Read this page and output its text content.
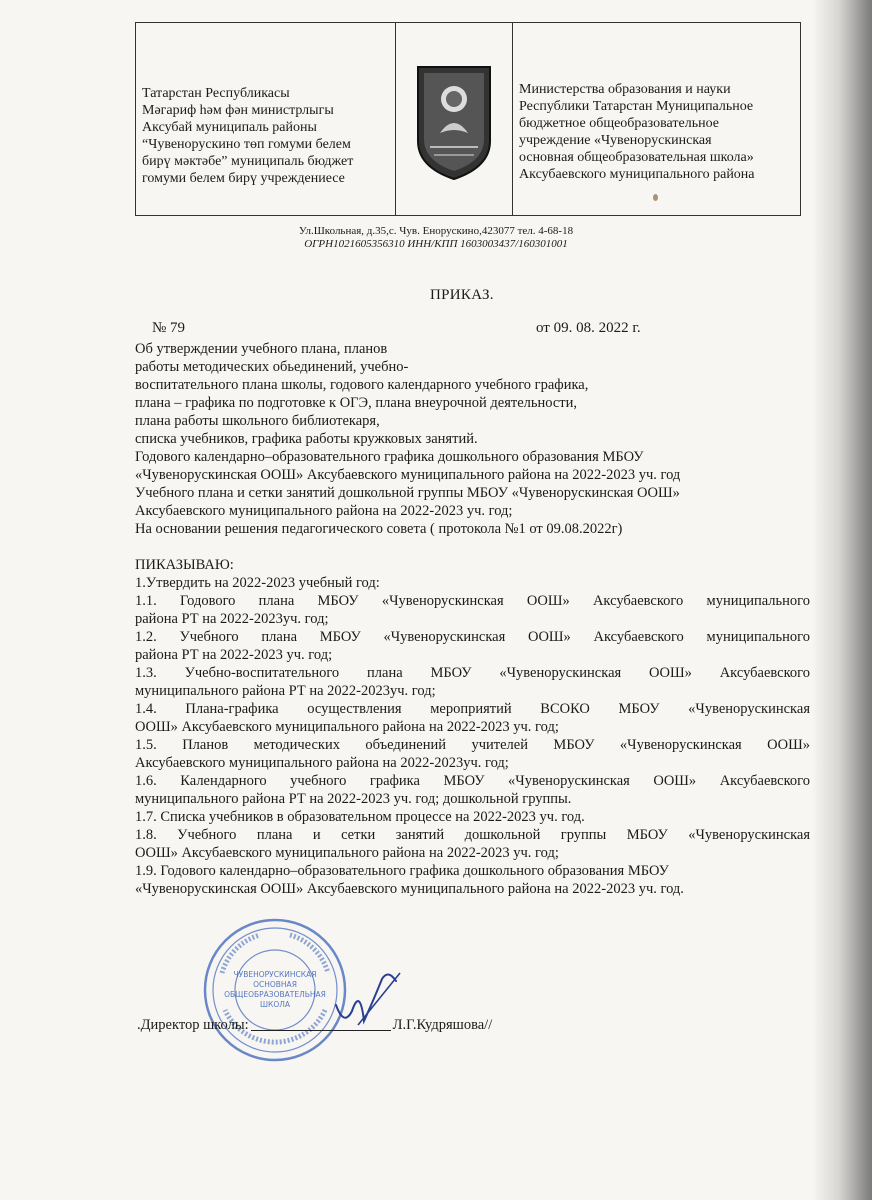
Татарстан Республикасы
Мәгариф һәм фән министрлыгы
Аксубай муниципаль районы
“Чувенорускино төп гомуми белем
бирү мәктәбе” муниципаль бюджет
гомуми белем бирү учреждениесе
Министерства образования и науки
Республики Татарстан Муниципальное
бюджетное общеобразовательное
учреждение «Чувенорускинская
основная общеобразовательная школа»
Аксубаевского муниципального района
Ул.Школьная, д.35,с. Чув. Енорускино,423077 тел. 4-68-18
ОГРН1021605356310 ИНН/КПП 1603003437/160301001
ПРИКАЗ.
№ 79	от 09. 08. 2022 г.
Об утверждении учебного плана, планов
работы методических обьединений, учебно-
воспитательного плана школы, годового календарного учебного графика,
плана – графика по подготовке к ОГЭ, плана внеурочной деятельности,
плана работы школьного библиотекаря,
списка учебников, графика работы кружковых занятий.
Годового календарно–образовательного графика дошкольного образования МБОУ
«Чувенорускинская ООШ» Аксубаевского муниципального района на 2022-2023 уч. год
Учебного плана и сетки занятий дошкольной группы МБОУ «Чувенорускинская ООШ»
Аксубаевского муниципального района на 2022-2023 уч. год;
На основании решения педагогического совета ( протокола №1 от 09.08.2022г)
ПИКАЗЫВАЮ:
1.Утвердить на 2022-2023 учебный год:
1.1. Годового плана МБОУ «Чувенорускинская ООШ» Аксубаевского муниципального
района РТ на 2022-2023уч. год;
1.2. Учебного плана МБОУ «Чувенорускинская ООШ» Аксубаевского муниципального
района РТ на 2022-2023 уч. год;
1.3. Учебно-воспитательного плана МБОУ «Чувенорускинская ООШ» Аксубаевского
муниципального района РТ на 2022-2023уч. год;
1.4. Плана-графика осуществления мероприятий ВСОКО МБОУ «Чувенорускинская
ООШ» Аксубаевского муниципального района на 2022-2023 уч. год;
1.5. Планов методических объединений учителей МБОУ «Чувенорускинская ООШ»
Аксубаевского муниципального района на 2022-2023уч. год;
1.6. Календарного учебного графика МБОУ «Чувенорускинская ООШ» Аксубаевского
муниципального района РТ на 2022-2023 уч. год; дошкольной группы.
1.7. Списка учебников в образовательном процессе на 2022-2023 уч. год.
1.8. Учебного плана и сетки занятий дошкольной группы МБОУ «Чувенорускинская
ООШ» Аксубаевского муниципального района на 2022-2023 уч. год;
1.9. Годового календарно–образовательного графика дошкольного образования МБОУ
«Чувенорускинская ООШ» Аксубаевского муниципального района на 2022-2023 уч. год.
ЧУВЕНОРУСКИНСКАЯ
ОСНОВНАЯ
ОБЩЕОБРАЗОВАТЕЛЬНАЯ
ШКОЛА
.Директор школы:	Л.Г.Кудряшова//
